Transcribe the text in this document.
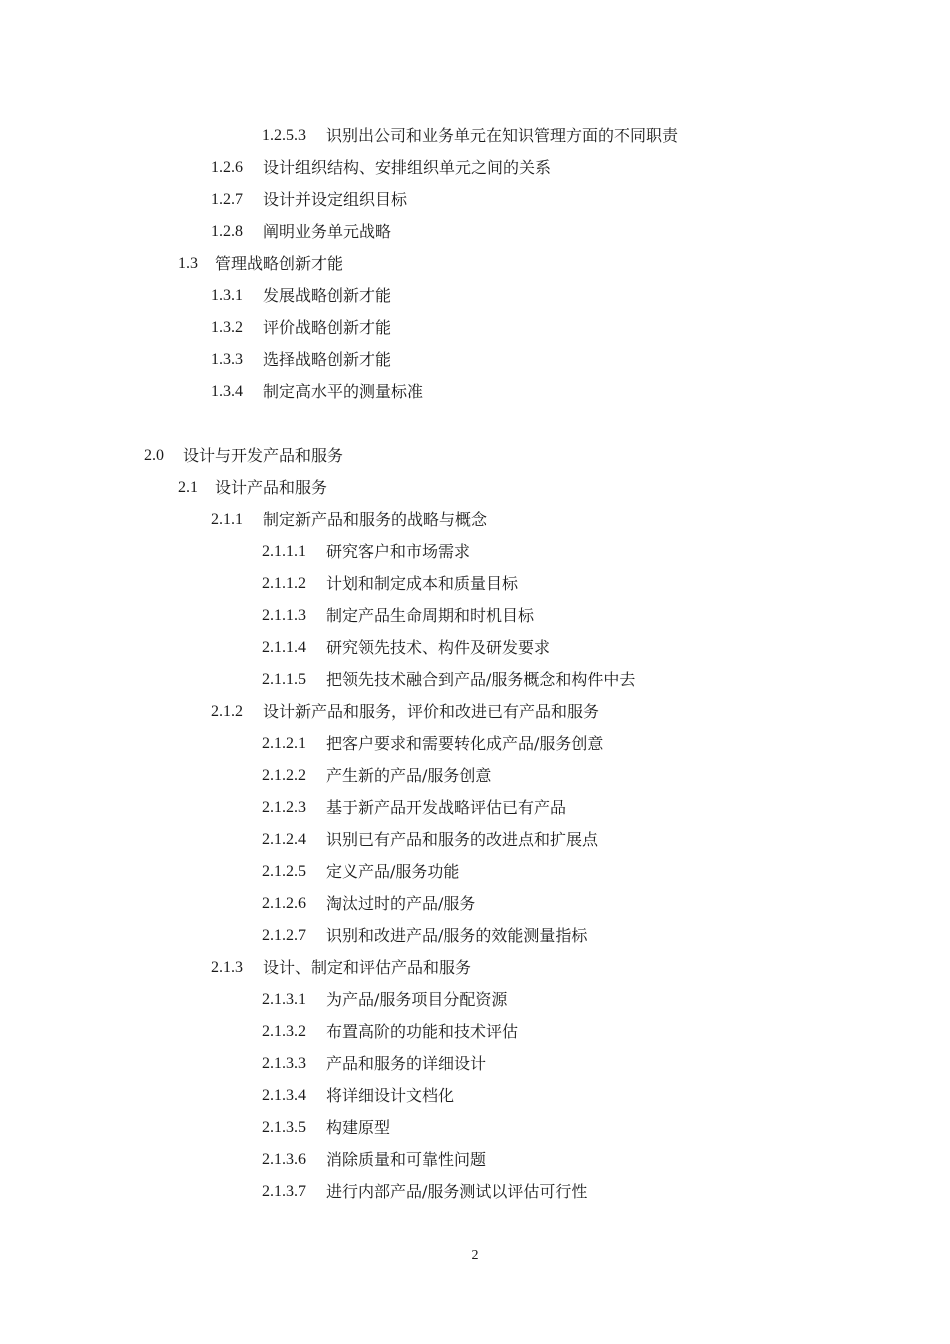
1.2.5.3 识别出公司和业务单元在知识管理方面的不同职责
1.2.6 设计组织结构、安排组织单元之间的关系
1.2.7 设计并设定组织目标
1.2.8 阐明业务单元战略
1.3 管理战略创新才能
1.3.1 发展战略创新才能
1.3.2 评价战略创新才能
1.3.3 选择战略创新才能
1.3.4 制定高水平的测量标准
2.0 设计与开发产品和服务
2.1 设计产品和服务
2.1.1 制定新产品和服务的战略与概念
2.1.1.1 研究客户和市场需求
2.1.1.2 计划和制定成本和质量目标
2.1.1.3 制定产品生命周期和时机目标
2.1.1.4 研究领先技术、构件及研发要求
2.1.1.5 把领先技术融合到产品/服务概念和构件中去
2.1.2 设计新产品和服务，评价和改进已有产品和服务
2.1.2.1 把客户要求和需要转化成产品/服务创意
2.1.2.2 产生新的产品/服务创意
2.1.2.3 基于新产品开发战略评估已有产品
2.1.2.4 识别已有产品和服务的改进点和扩展点
2.1.2.5 定义产品/服务功能
2.1.2.6 淘汰过时的产品/服务
2.1.2.7 识别和改进产品/服务的效能测量指标
2.1.3 设计、制定和评估产品和服务
2.1.3.1 为产品/服务项目分配资源
2.1.3.2 布置高阶的功能和技术评估
2.1.3.3 产品和服务的详细设计
2.1.3.4 将详细设计文档化
2.1.3.5 构建原型
2.1.3.6 消除质量和可靠性问题
2.1.3.7 进行内部产品/服务测试以评估可行性
2
